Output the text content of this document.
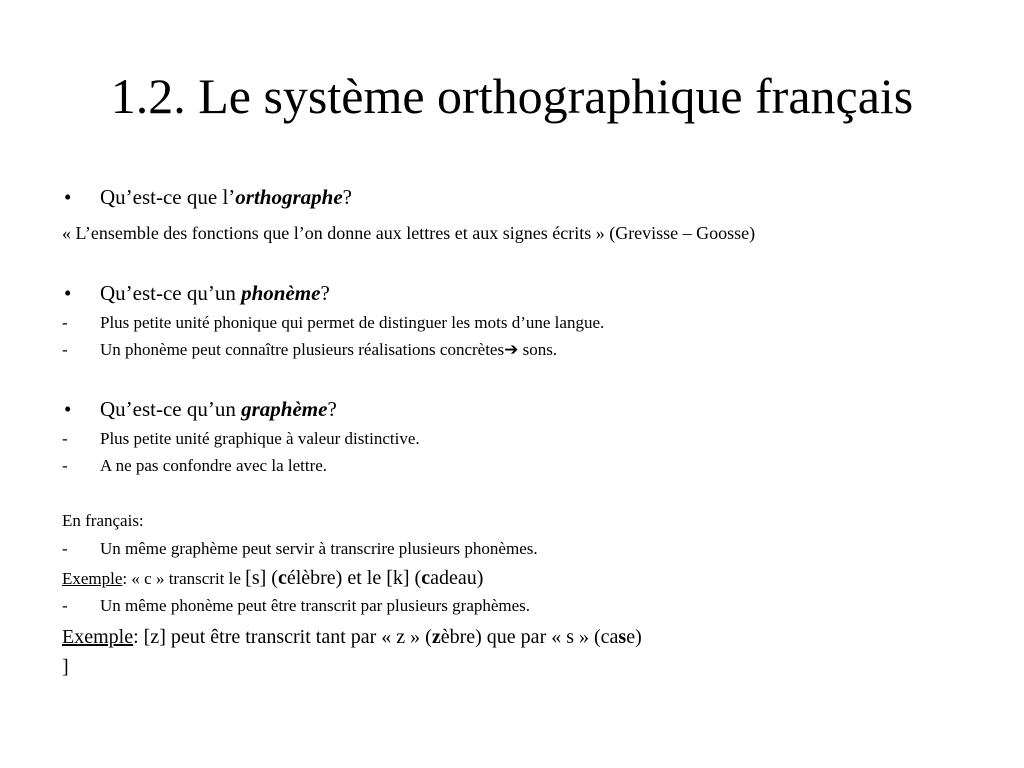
1.2. Le système orthographique français
• Qu’est-ce que l’orthographe?
« L’ensemble des fonctions que l’on donne aux lettres et aux signes écrits » (Grevisse – Goosse)
• Qu’est-ce qu’un phonème?
- Plus petite unité phonique qui permet de distinguer les mots d’une langue.
- Un phonème peut connaître plusieurs réalisations concrètes➔ sons.
• Qu’est-ce qu’un graphème?
- Plus petite unité graphique à valeur distinctive.
- A ne pas confondre avec la lettre.
En français:
- Un même graphème peut servir à transcrire plusieurs phonèmes.
Exemple: « c » transcrit le [s] (célèbre) et le [k] (cadeau)
- Un même phonème peut être transcrit par plusieurs graphèmes.
Exemple: [z] peut être transcrit tant par « z » (zèbre) que par « s » (case)
]
